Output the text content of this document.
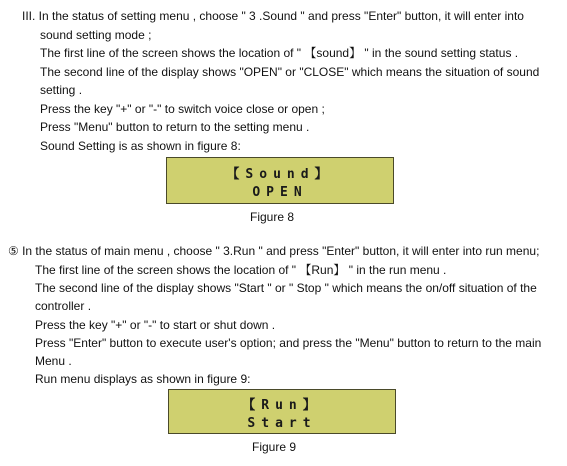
III. In the status of setting menu , choose " 3 .Sound " and press "Enter" button, it will enter into
sound setting mode ;
The first line of the screen shows the location of " 【sound】 " in the sound setting status .
The second line of the display shows "OPEN" or "CLOSE" which means the situation of sound
setting .
Press the key "+" or "-" to switch voice close or open ;
Press "Menu" button to return to the setting menu .
Sound Setting is as shown in figure 8:
【Sound】
OPEN
Figure 8
⑤ In the status of main menu , choose " 3.Run " and press "Enter" button, it will enter into run menu;
The first line of the screen shows the location of " 【Run】 " in the run menu .
The second line of the display shows "Start " or " Stop " which means the on/off situation of the
controller .
Press the key "+" or "-" to start or shut down .
Press "Enter" button to execute user's option; and press the "Menu" button to return to the main
Menu .
Run menu displays as shown in figure 9:
【Run】
Start
Figure 9
